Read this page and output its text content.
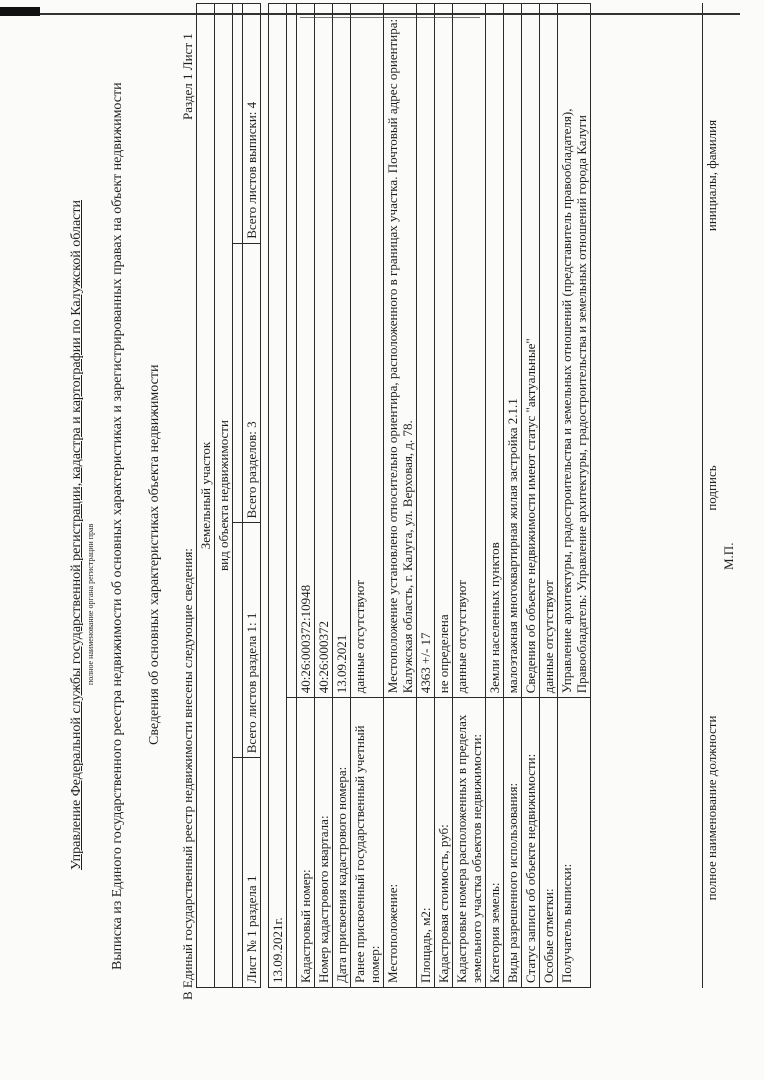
Управление Федеральной службы государственной регистрации, кадастра и картографии по Калужской области полное наименование органа регистрации прав Выписка из Единого государственного реестра недвижимости об основных характеристиках и зарегистрированных правах на объект недвижимости Сведения об основных характеристиках объекта недвижимости
Раздел 1 Лист 1
В Единый государственный реестр недвижимости внесены следующие сведения:
Земельный участок			
вид объекта недвижимости			

Лист № 1 раздела 1	Всего листов раздела 1: 1	Всего разделов: 3	Всего листов выписки: 4
13.09.2021г.	

Кадастровый номер:	40:26:000372:10948
Номер кадастрового квартала:	40:26:000372
Дата присвоения кадастрового номера:	13.09.2021
Ранее присвоенный государственный учетный номер:	данные отсутствуют
Местоположение:	Местоположение установлено относительно ориентира, расположенного в границах участка. Почтовый адрес ориентира: Калужская область, г. Калуга, ул. Верховая, д. 78.
Площадь, м2:	4363 +/- 17
Кадастровая стоимость, руб:	не определена
Кадастровые номера расположенных в пределах земельного участка объектов недвижимости:	данные отсутствуют
Категория земель:	Земли населенных пунктов
Виды разрешенного использования:	малоэтажная многоквартирная жилая застройка 2.1.1
Статус записи об объекте недвижимости:	Сведения об объекте недвижимости имеют статус "актуальные"
Особые отметки:	данные отсутствуют
Получатель выписки:	Управление архитектуры, градостроительства и земельных отношений (представитель правообладателя), Правообладатель: Управление архитектуры, градостроительства и земельных отношений города Калуги
полное наименование должности	подпись	инициалы, фамилия
М.П.
